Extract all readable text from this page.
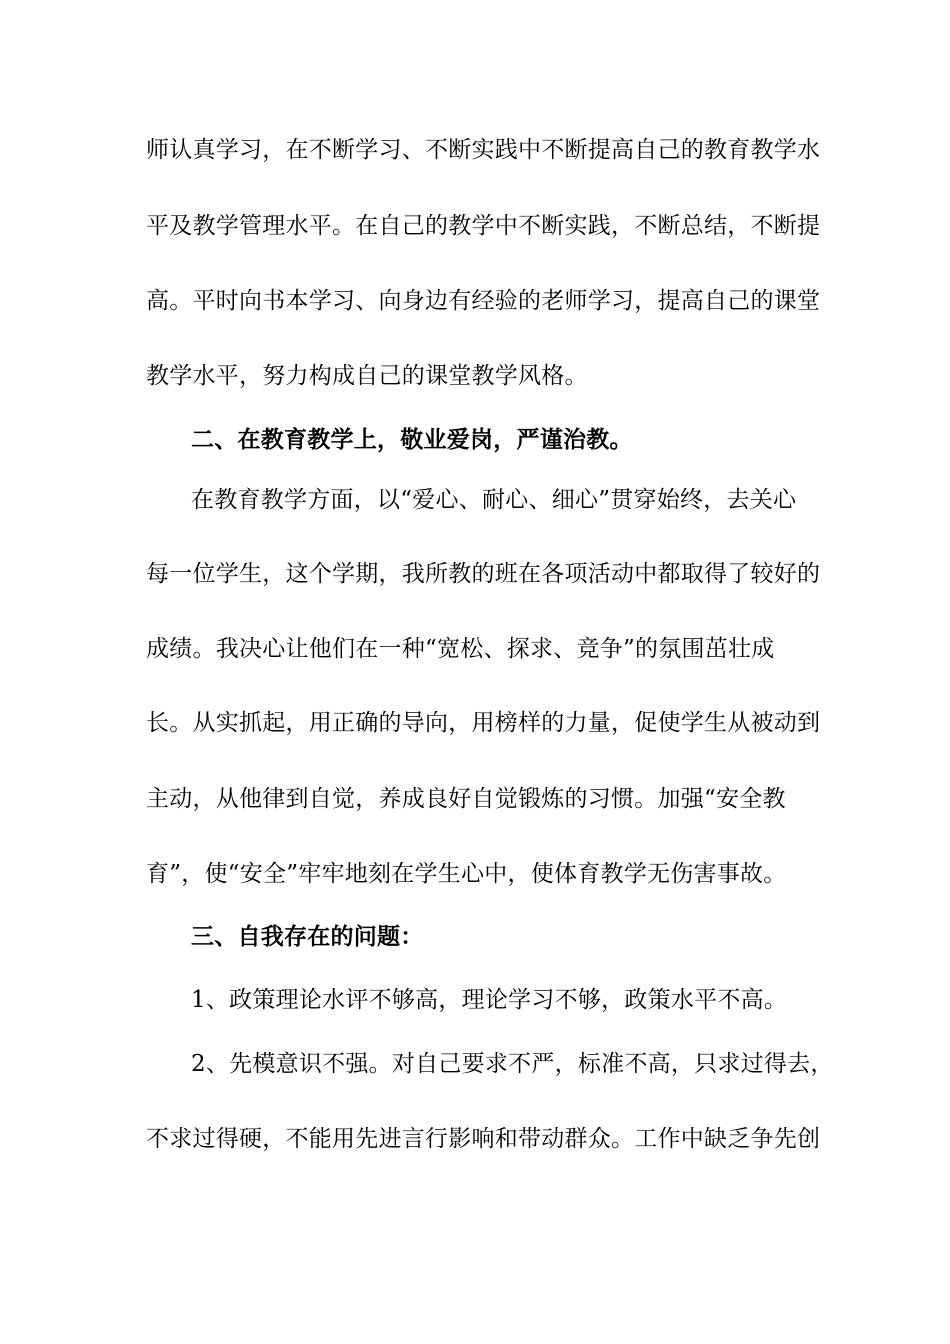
师认真学习，在不断学习、不断实践中不断提高自己的教育教学水
平及教学管理水平。在自己的教学中不断实践，不断总结，不断提
高。平时向书本学习、向身边有经验的老师学习，提高自己的课堂
教学水平，努力构成自己的课堂教学风格。
二、在教育教学上，敬业爱岗，严谨治教。
在教育教学方面，以“爱心、耐心、细心”贯穿始终，去关心
每一位学生，这个学期，我所教的班在各项活动中都取得了较好的
成绩。我决心让他们在一种“宽松、探求、竞争”的氛围茁壮成
长。从实抓起，用正确的导向，用榜样的力量，促使学生从被动到
主动，从他律到自觉，养成良好自觉锻炼的习惯。加强“安全教
育”，使“安全”牢牢地刻在学生心中，使体育教学无伤害事故。
三、自我存在的问题：
1、政策理论水评不够高，理论学习不够，政策水平不高。
2、先模意识不强。对自己要求不严，标准不高，只求过得去，
不求过得硬，不能用先进言行影响和带动群众。工作中缺乏争先创
